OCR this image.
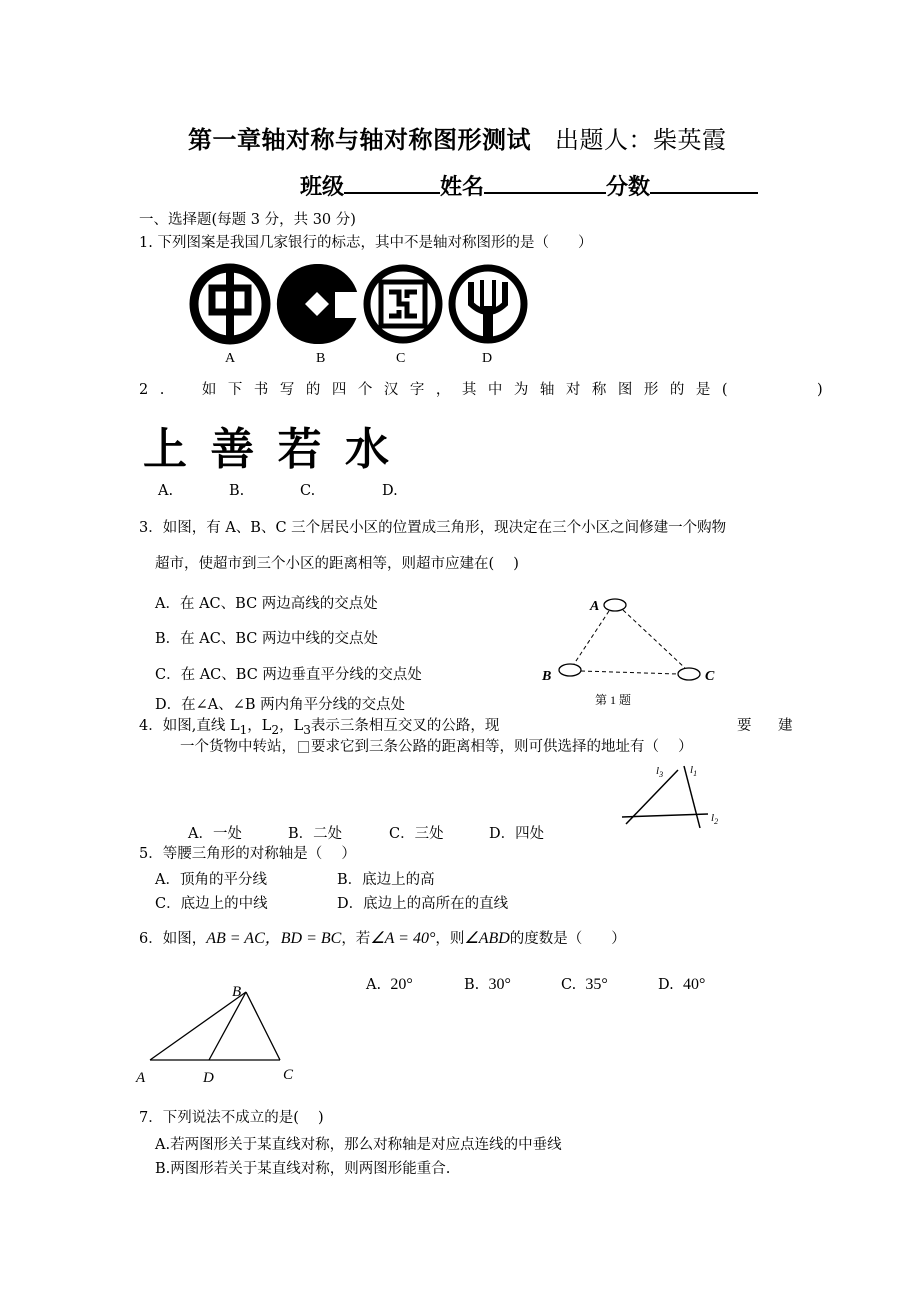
第一章轴对称与轴对称图形测试 出题人：柴英霞
班级	姓名	分数
一、选择题(每题 3 分，共 30 分)
1. 下列图案是我国几家银行的标志，其中不是轴对称图形的是（　　）
A	B	C	D
2.　如下书写的四个汉字，其中为轴对称图形的是(　　　)
上 善 若 水
A.	B.	C.	D.
3．如图，有 A、B、C 三个居民小区的位置成三角形，现决定在三个小区之间修建一个购物
超市，使超市到三个小区的距离相等，则超市应建在(　 )
A．在 AC、BC 两边高线的交点处
B．在 AC、BC 两边中线的交点处
C．在 AC、BC 两边垂直平分线的交点处
D．在∠A、∠B 两内角平分线的交点处
A
B	C
第 1 题
4．如图,直线 $L_1$，$L_2$，$L_3$表示三条相互交叉的公路，现	要　建
一个货物中转站， 要求它到三条公路的距离相等，则可供选择的地址有（　 ）
$l_3$ $l_1$
$l_2$
A．一处	B．二处	C．三处	D．四处
5．等腰三角形的对称轴是（　 ）
A．顶角的平分线	B．底边上的高
C．底边上的中线	D．底边上的高所在的直线
6．如图，AB = AC，BD = BC，若∠A = 40°，则∠ABD的度数是（　　）
A. 20°	B. 30°	C. 35°	D. 40°
B
A	D	C
7．下列说法不成立的是(　 )
A.若两图形关于某直线对称，那么对称轴是对应点连线的中垂线
B.两图形若关于某直线对称，则两图形能重合.
